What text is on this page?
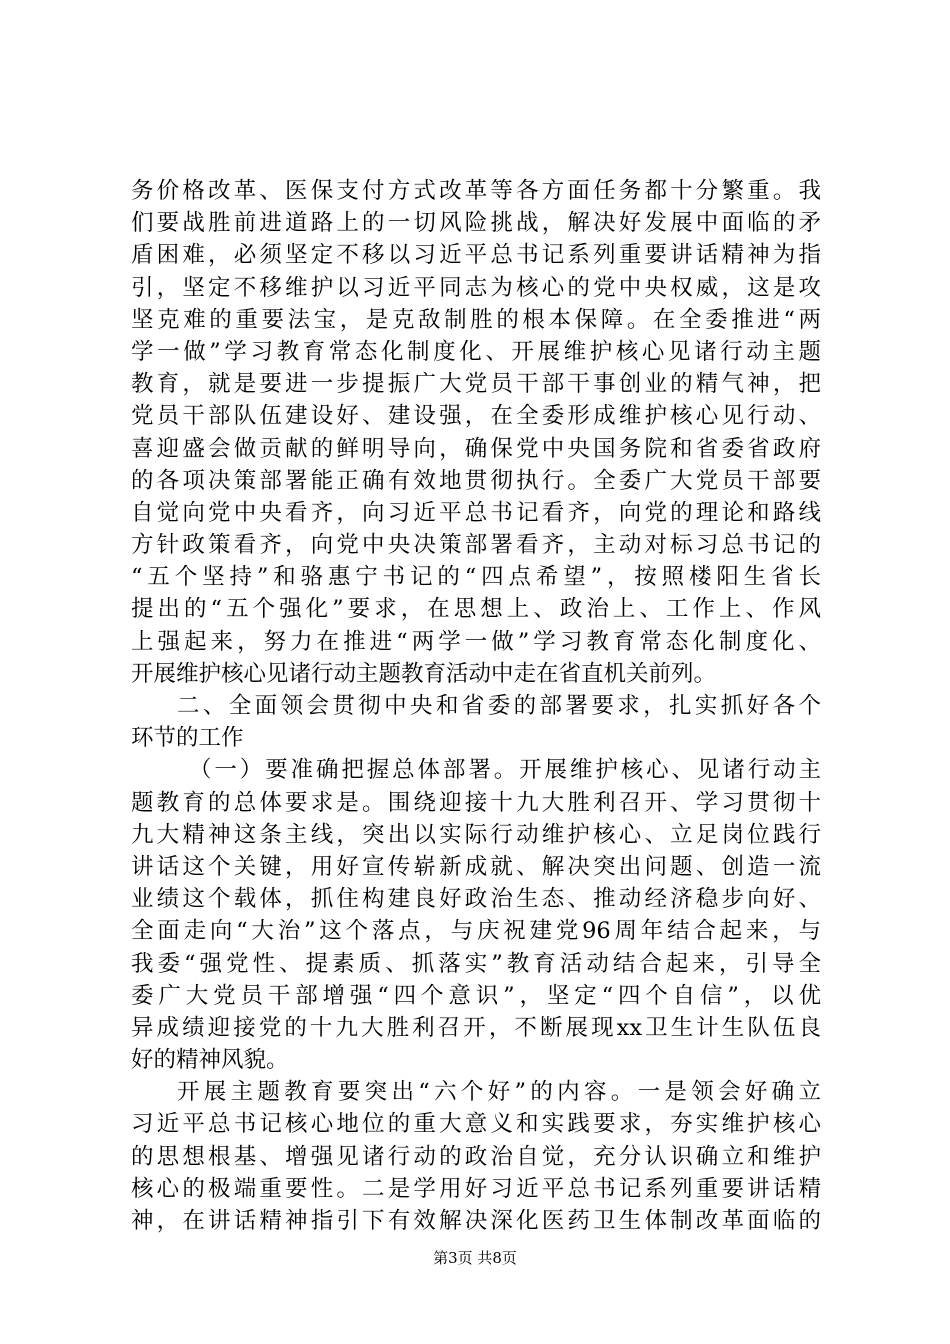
务价格改革、医保支付方式改革等各方面任务都十分繁重。我
们要战胜前进道路上的一切风险挑战，解决好发展中面临的矛
盾困难，必须坚定不移以习近平总书记系列重要讲话精神为指
引，坚定不移维护以习近平同志为核心的党中央权威，这是攻
坚克难的重要法宝，是克敌制胜的根本保障。在全委推进“两
学一做”学习教育常态化制度化、开展维护核心见诸行动主题
教育，就是要进一步提振广大党员干部干事创业的精气神，把
党员干部队伍建设好、建设强，在全委形成维护核心见行动、
喜迎盛会做贡献的鲜明导向，确保党中央国务院和省委省政府
的各项决策部署能正确有效地贯彻执行。全委广大党员干部要
自觉向党中央看齐，向习近平总书记看齐，向党的理论和路线
方针政策看齐，向党中央决策部署看齐，主动对标习总书记的
“五个坚持”和骆惠宁书记的“四点希望”，按照楼阳生省长
提出的“五个强化”要求，在思想上、政治上、工作上、作风
上强起来，努力在推进“两学一做”学习教育常态化制度化、
开展维护核心见诸行动主题教育活动中走在省直机关前列。
二、全面领会贯彻中央和省委的部署要求，扎实抓好各个
环节的工作
（一）要准确把握总体部署。开展维护核心、见诸行动主
题教育的总体要求是。围绕迎接十九大胜利召开、学习贯彻十
九大精神这条主线，突出以实际行动维护核心、立足岗位践行
讲话这个关键，用好宣传崭新成就、解决突出问题、创造一流
业绩这个载体，抓住构建良好政治生态、推动经济稳步向好、
全面走向“大治”这个落点，与庆祝建党96周年结合起来，与
我委“强党性、提素质、抓落实”教育活动结合起来，引导全
委广大党员干部增强“四个意识”，坚定“四个自信”，以优
异成绩迎接党的十九大胜利召开，不断展现xx卫生计生队伍良
好的精神风貌。
开展主题教育要突出“六个好”的内容。一是领会好确立
习近平总书记核心地位的重大意义和实践要求，夯实维护核心
的思想根基、增强见诸行动的政治自觉，充分认识确立和维护
核心的极端重要性。二是学用好习近平总书记系列重要讲话精
神，在讲话精神指引下有效解决深化医药卫生体制改革面临的
第3页 共8页
